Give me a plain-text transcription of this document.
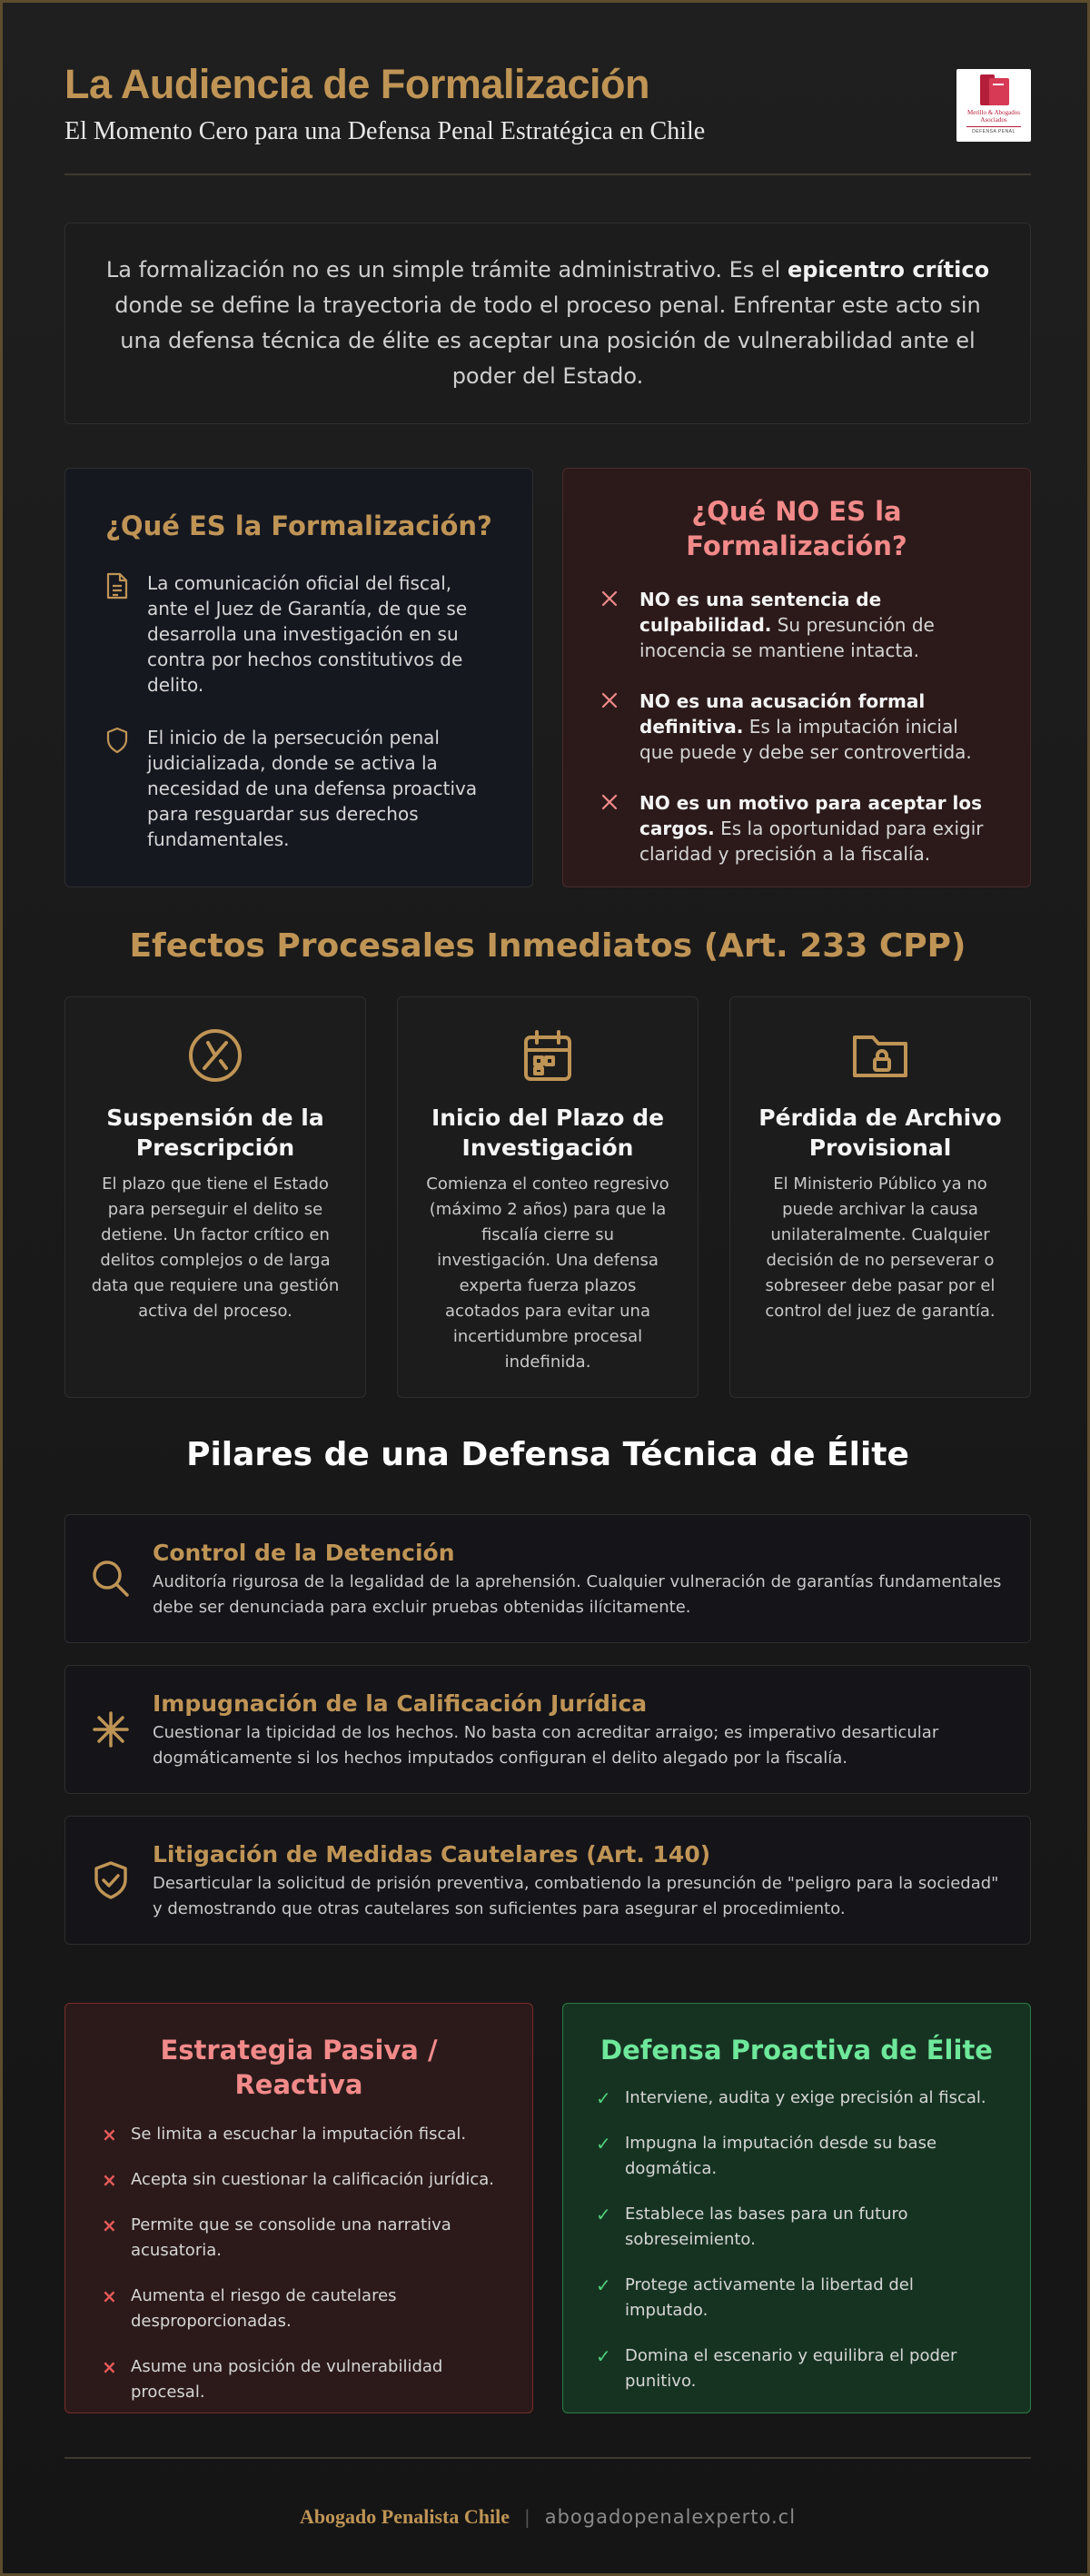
La Audiencia de Formalización
El Momento Cero para una Defensa Penal Estratégica en Chile
Merillo & Abogados Asociados
DEFENSA PENAL
La formalización no es un simple trámite administrativo. Es el epicentro crítico donde se define la trayectoria de todo el proceso penal. Enfrentar este acto sin una defensa técnica de élite es aceptar una posición de vulnerabilidad ante el poder del Estado.
¿Qué ES la Formalización?
La comunicación oficial del fiscal, ante el Juez de Garantía, de que se desarrolla una investigación en su contra por hechos constitutivos de delito.
El inicio de la persecución penal judicializada, donde se activa la necesidad de una defensa proactiva para resguardar sus derechos fundamentales.
¿Qué NO ES la Formalización?
NO es una sentencia de culpabilidad. Su presunción de inocencia se mantiene intacta.
NO es una acusación formal definitiva. Es la imputación inicial que puede y debe ser controvertida.
NO es un motivo para aceptar los cargos. Es la oportunidad para exigir claridad y precisión a la fiscalía.
Efectos Procesales Inmediatos (Art. 233 CPP)
Suspensión de la Prescripción

El plazo que tiene el Estado para perseguir el delito se detiene. Un factor crítico en delitos complejos o de larga data que requiere una gestión activa del proceso.

Inicio del Plazo de Investigación

Comienza el conteo regresivo (máximo 2 años) para que la fiscalía cierre su investigación. Una defensa experta fuerza plazos acotados para evitar una incertidumbre procesal indefinida.

Pérdida de Archivo Provisional

El Ministerio Público ya no puede archivar la causa unilateralmente. Cualquier decisión de no perseverar o sobreseer debe pasar por el control del juez de garantía.

Pilares de una Defensa Técnica de Élite
Control de la Detención

Auditoría rigurosa de la legalidad de la aprehensión. Cualquier vulneración de garantías fundamentales debe ser denunciada para excluir pruebas obtenidas ilícitamente.

Impugnación de la Calificación Jurídica

Cuestionar la tipicidad de los hechos. No basta con acreditar arraigo; es imperativo desarticular dogmáticamente si los hechos imputados configuran el delito alegado por la fiscalía.

Litigación de Medidas Cautelares (Art. 140)

Desarticular la solicitud de prisión preventiva, combatiendo la presunción de "peligro para la sociedad" y demostrando que otras cautelares son suficientes para asegurar el procedimiento.

Estrategia Pasiva / Reactiva
× Se limita a escuchar la imputación fiscal.
× Acepta sin cuestionar la calificación jurídica.
× Permite que se consolide una narrativa acusatoria.
× Aumenta el riesgo de cautelares desproporcionadas.
× Asume una posición de vulnerabilidad procesal.
Defensa Proactiva de Élite
✓ Interviene, audita y exige precisión al fiscal.
✓ Impugna la imputación desde su base dogmática.
✓ Establece las bases para un futuro sobreseimiento.
✓ Protege activamente la libertad del imputado.
✓ Domina el escenario y equilibra el poder punitivo.
Abogado Penalista Chile | abogadopenalexperto.cl
